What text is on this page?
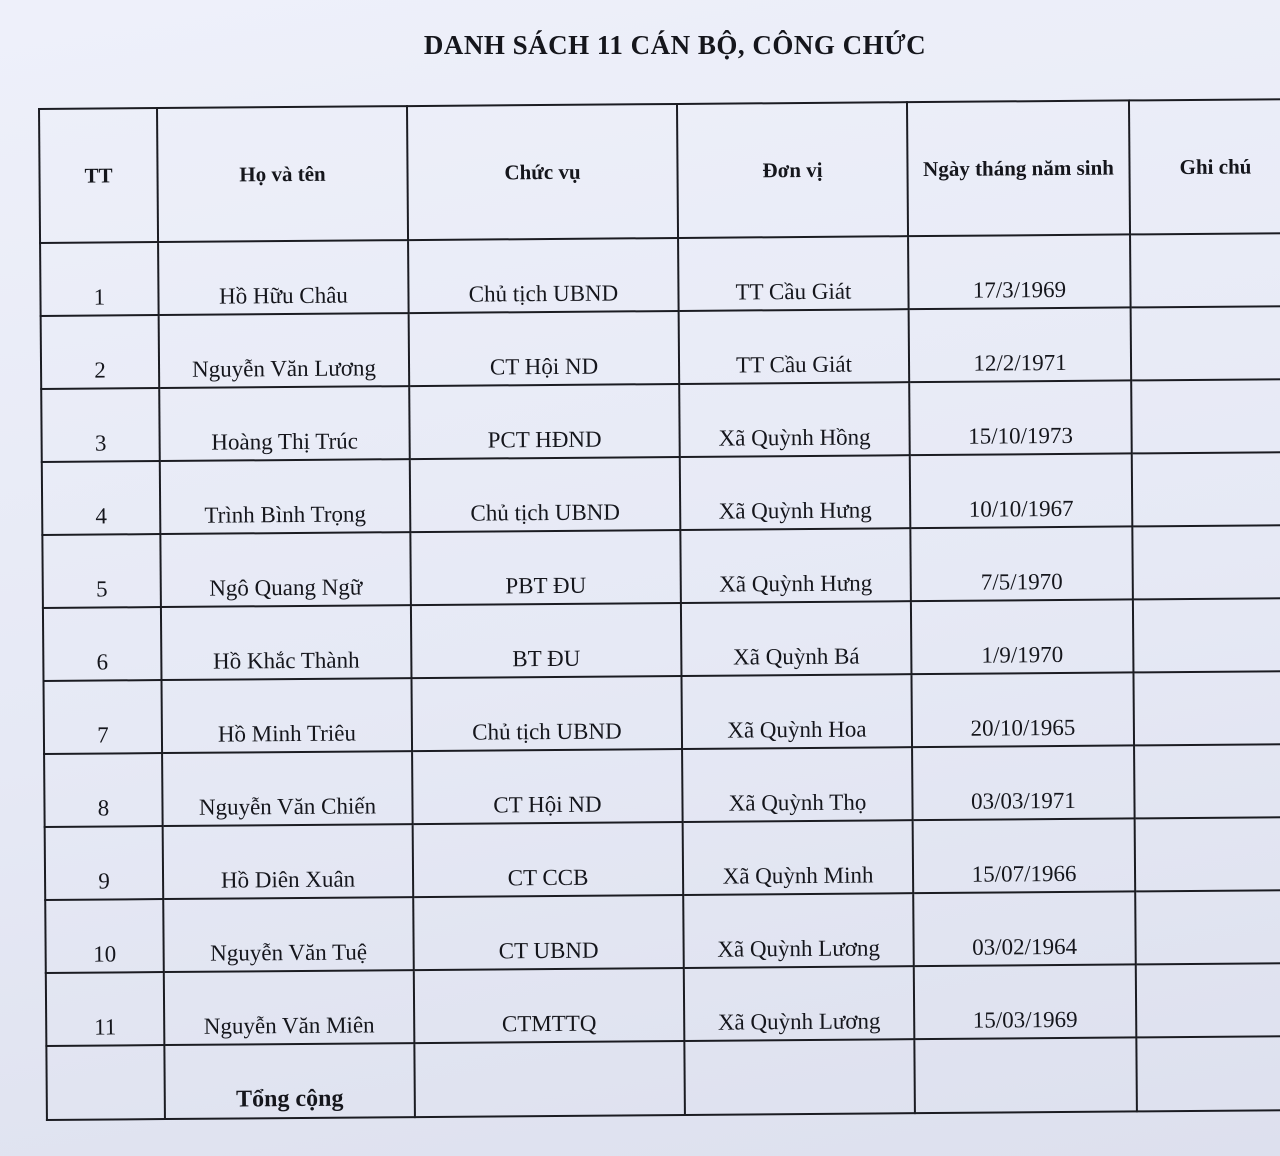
DANH SÁCH 11 CÁN BỘ, CÔNG CHỨC
TT	Họ và tên	Chức vụ	Đơn vị	Ngày tháng năm sinh	Ghi chú
1	Hồ Hữu Châu	Chủ tịch UBND	TT Cầu Giát	17/3/1969	
2	Nguyễn Văn Lương	CT Hội ND	TT Cầu Giát	12/2/1971	
3	Hoàng Thị Trúc	PCT HĐND	Xã Quỳnh Hồng	15/10/1973	
4	Trình Bình Trọng	Chủ tịch UBND	Xã Quỳnh Hưng	10/10/1967	
5	Ngô Quang Ngữ	PBT ĐU	Xã Quỳnh Hưng	7/5/1970	
6	Hồ Khắc Thành	BT ĐU	Xã Quỳnh Bá	1/9/1970	
7	Hồ Minh Triêu	Chủ tịch UBND	Xã Quỳnh Hoa	20/10/1965	
8	Nguyễn Văn Chiến	CT Hội ND	Xã Quỳnh Thọ	03/03/1971	
9	Hồ Diên Xuân	CT CCB	Xã Quỳnh Minh	15/07/1966	
10	Nguyễn Văn Tuệ	CT UBND	Xã Quỳnh Lương	03/02/1964	
11	Nguyễn Văn Miên	CTMTTQ	Xã Quỳnh Lương	15/03/1969	
	Tổng cộng				
